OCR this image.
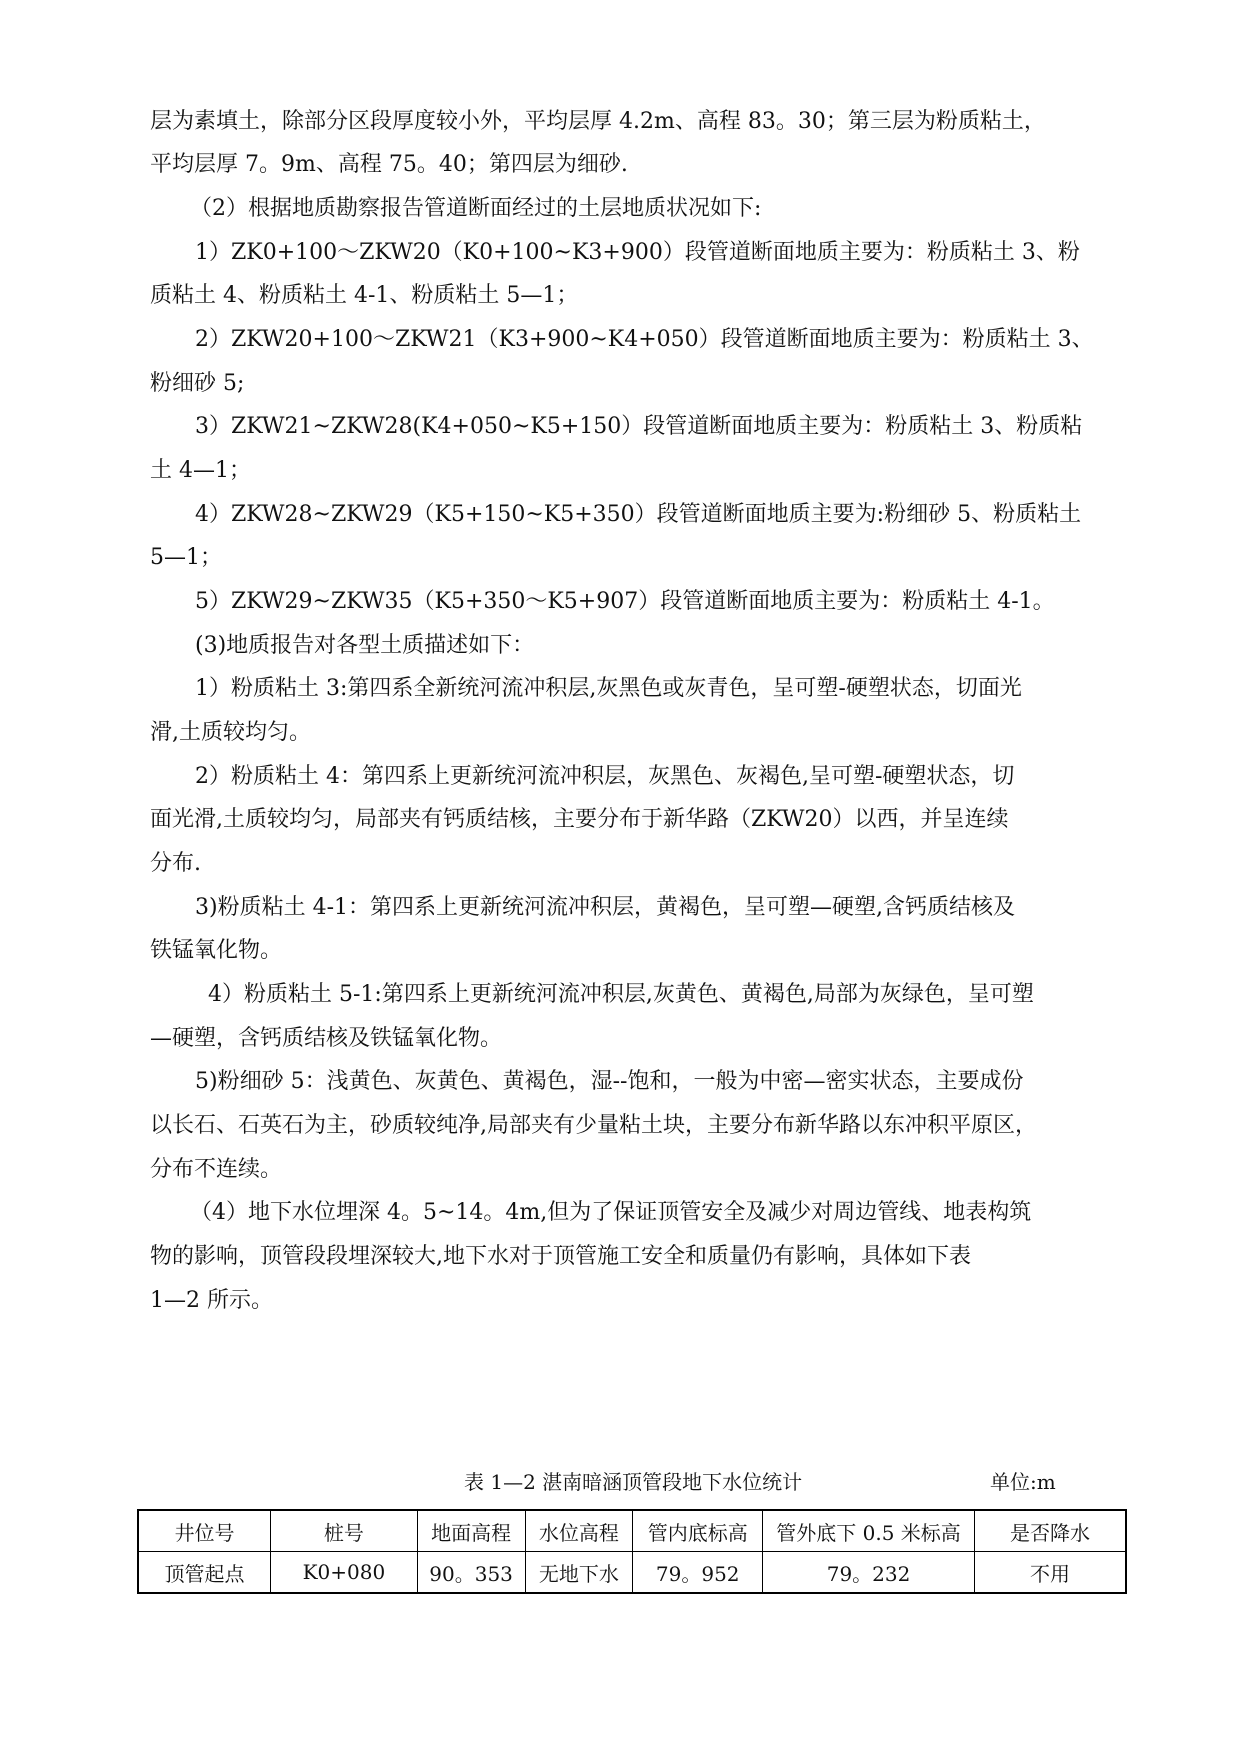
层为素填土，除部分区段厚度较小外，平均层厚 4.2m、高程 83。30；第三层为粉质粘土，

平均层厚 7。9m、高程 75。40；第四层为细砂.

（2）根据地质勘察报告管道断面经过的土层地质状况如下:

1）ZK0+100～ZKW20（K0+100~K3+900）段管道断面地质主要为：粉质粘土 3、粉

质粘土 4、粉质粘土 4-1、粉质粘土 5—1；

2）ZKW20+100～ZKW21（K3+900~K4+050）段管道断面地质主要为：粉质粘土 3、

粉细砂 5;

3）ZKW21~ZKW28(K4+050~K5+150）段管道断面地质主要为：粉质粘土 3、粉质粘

土 4—1；

4）ZKW28~ZKW29（K5+150~K5+350）段管道断面地质主要为:粉细砂 5、粉质粘土

5—1；

5）ZKW29~ZKW35（K5+350～K5+907）段管道断面地质主要为：粉质粘土 4-1。

(3)地质报告对各型土质描述如下：

1）粉质粘土 3:第四系全新统河流冲积层,灰黑色或灰青色，呈可塑-硬塑状态，切面光

滑,土质较均匀。

2）粉质粘土 4：第四系上更新统河流冲积层，灰黑色、灰褐色,呈可塑-硬塑状态，切

面光滑,土质较均匀，局部夹有钙质结核，主要分布于新华路（ZKW20）以西，并呈连续

分布.

3)粉质粘土 4-1：第四系上更新统河流冲积层，黄褐色，呈可塑—硬塑,含钙质结核及

铁锰氧化物。

4）粉质粘土 5-1:第四系上更新统河流冲积层,灰黄色、黄褐色,局部为灰绿色，呈可塑

—硬塑，含钙质结核及铁锰氧化物。

5)粉细砂 5：浅黄色、灰黄色、黄褐色，湿--饱和，一般为中密—密实状态，主要成份

以长石、石英石为主，砂质较纯净,局部夹有少量粘土块，主要分布新华路以东冲积平原区，

分布不连续。

（4）地下水位埋深 4。5~14。4m,但为了保证顶管安全及减少对周边管线、地表构筑

物的影响，顶管段段埋深较大,地下水对于顶管施工安全和质量仍有影响，具体如下表

1—2 所示。

表 1—2 湛南暗涵顶管段地下水位统计	单位:m
井位号	桩号	地面高程	水位高程	管内底标高	管外底下 0.5 米标高	是否降水
顶管起点	K0+080	90。353	无地下水	79。952	79。232	不用
